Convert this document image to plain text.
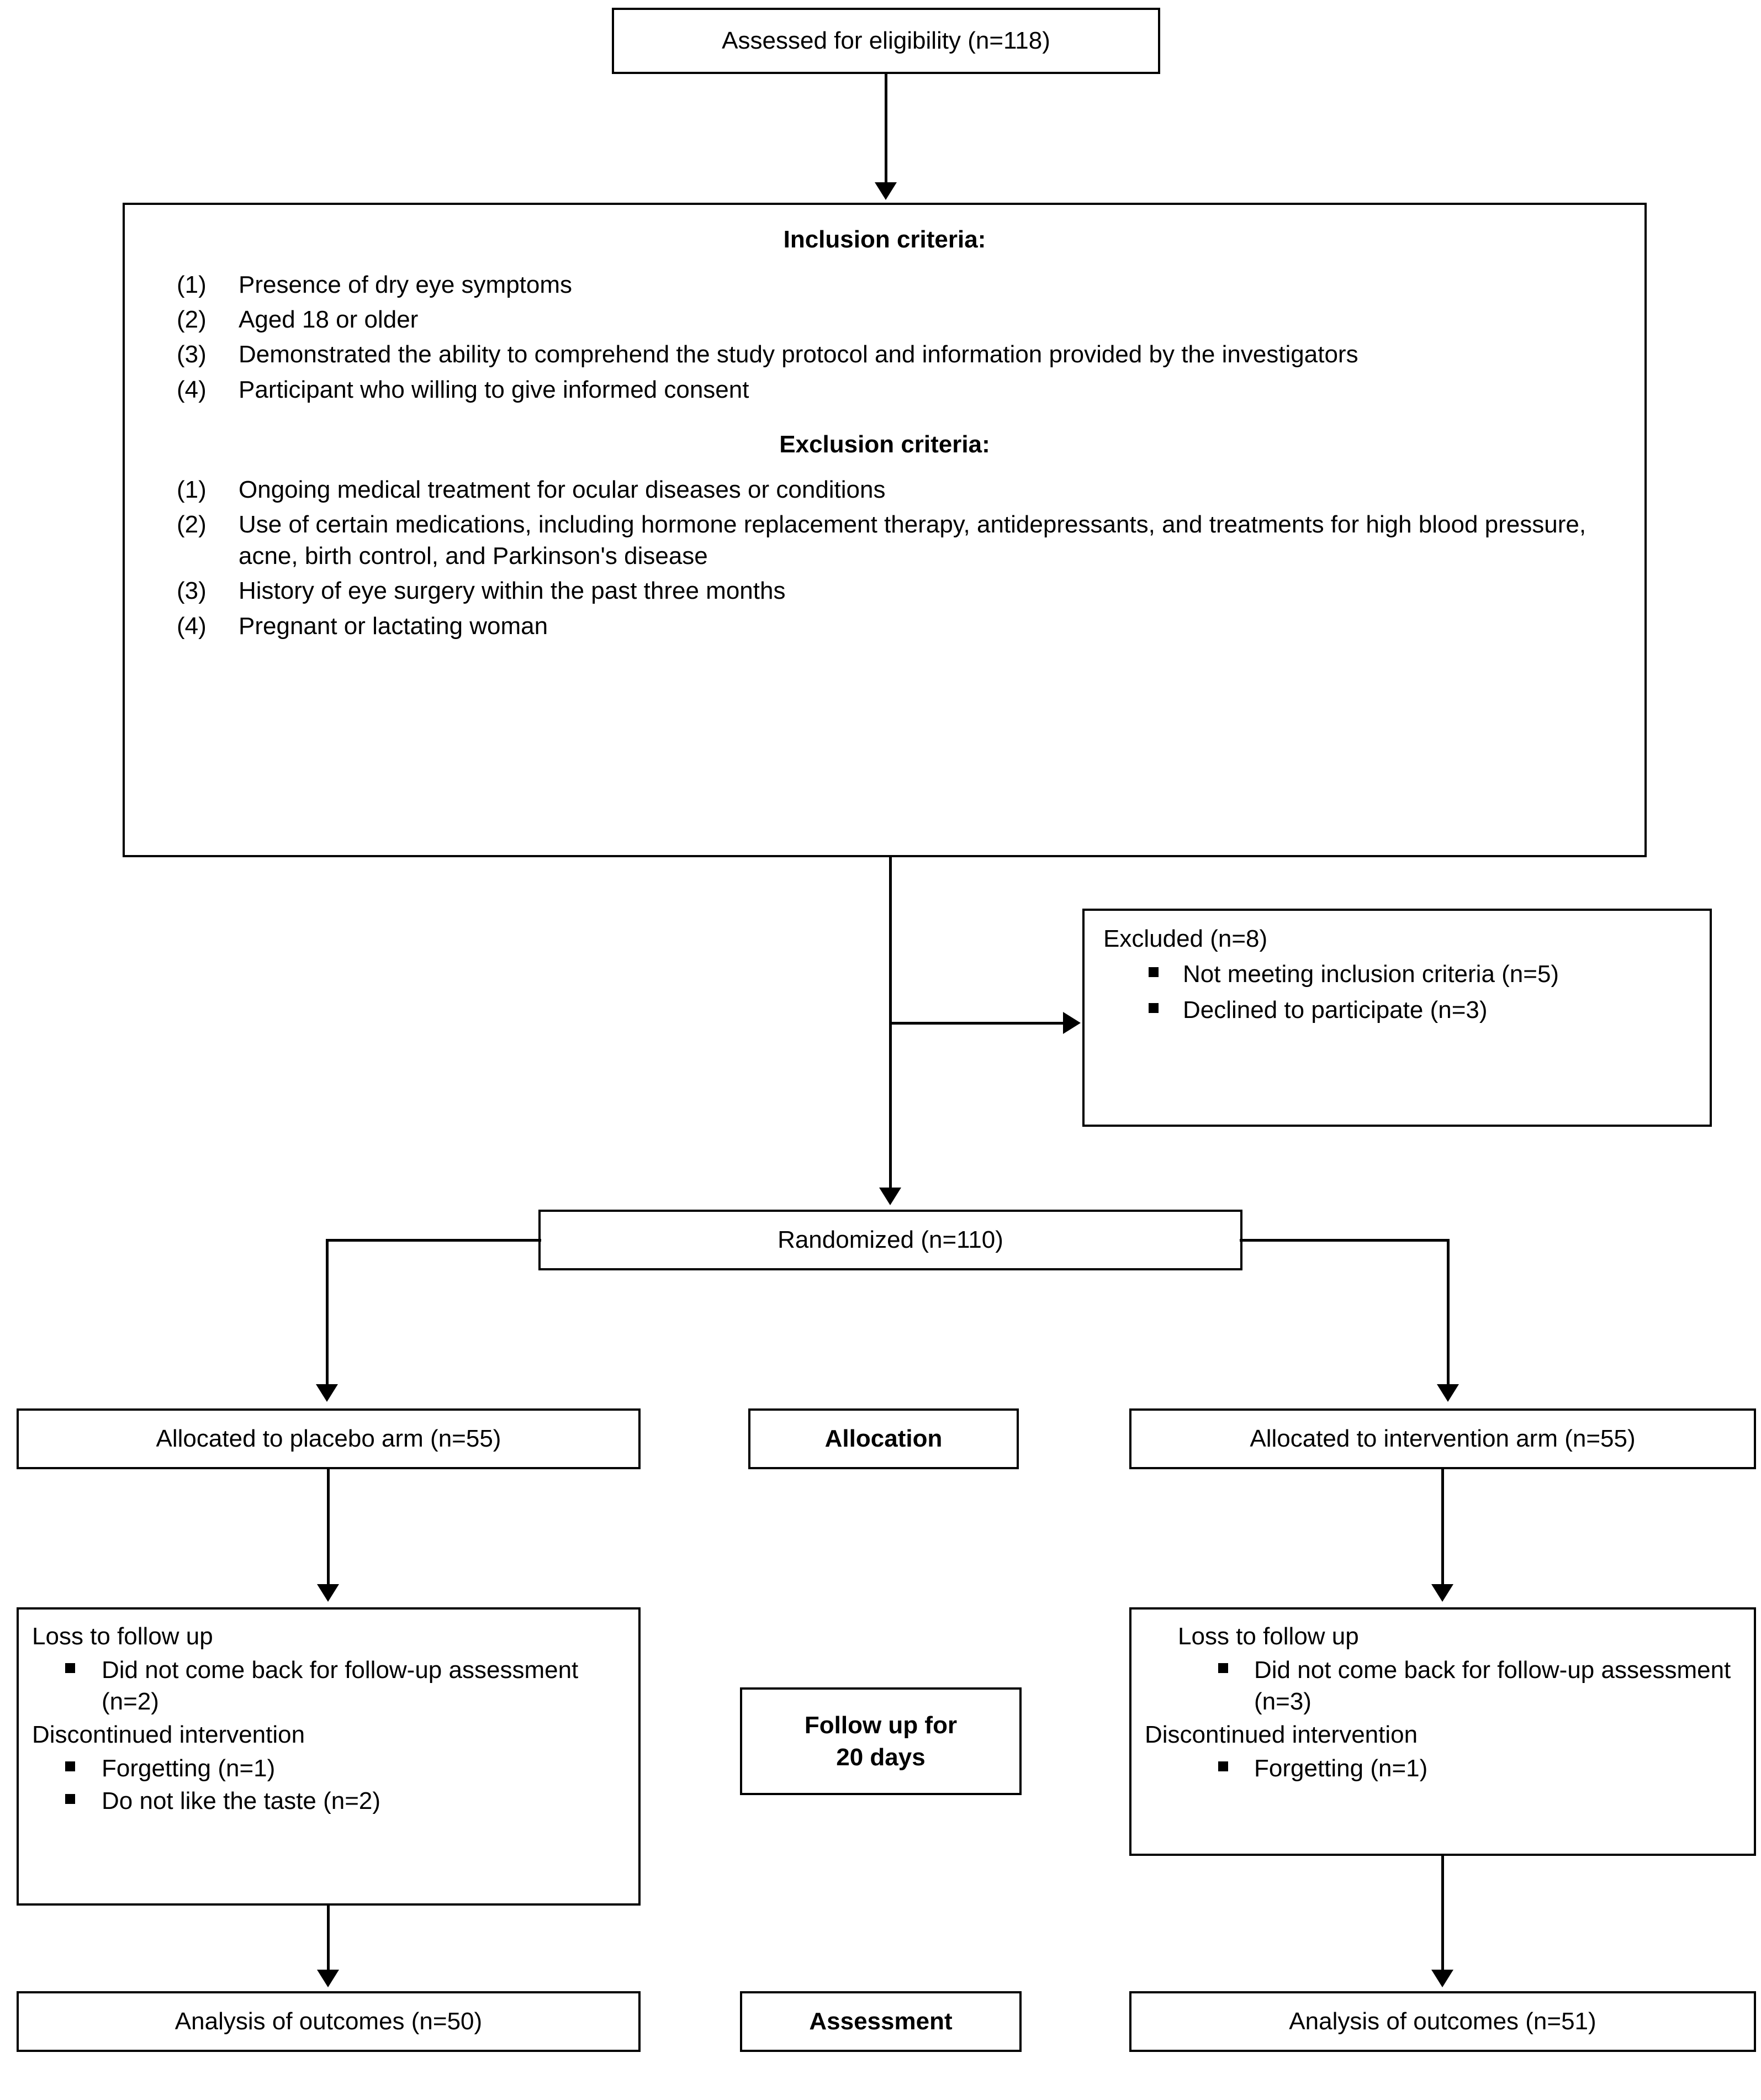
Assessed for eligibility (n=118)
Inclusion criteria:
(1) Presence of dry eye symptoms
(2) Aged 18 or older
(3) Demonstrated the ability to comprehend the study protocol and information provided by the investigators
(4) Participant who willing to give informed consent
Exclusion criteria:
(1) Ongoing medical treatment for ocular diseases or conditions
(2) Use of certain medications, including hormone replacement therapy, antidepressants, and treatments for high blood pressure, acne, birth control, and Parkinson's disease
(3) History of eye surgery within the past three months
(4) Pregnant or lactating woman
Excluded (n=8)
Not meeting inclusion criteria (n=5)
Declined to participate (n=3)
Randomized (n=110)
Allocated to placebo arm (n=55)	Allocation	Allocated to intervention arm (n=55)
Loss to follow up
Did not come back for follow-up assessment (n=2)
Discontinued intervention
Forgetting (n=1)
Do not like the taste (n=2)
Follow up for
20 days
Loss to follow up
Did not come back for follow-up assessment (n=3)
Discontinued intervention
Forgetting (n=1)
Analysis of outcomes (n=50)	Assessment	Analysis of outcomes (n=51)
